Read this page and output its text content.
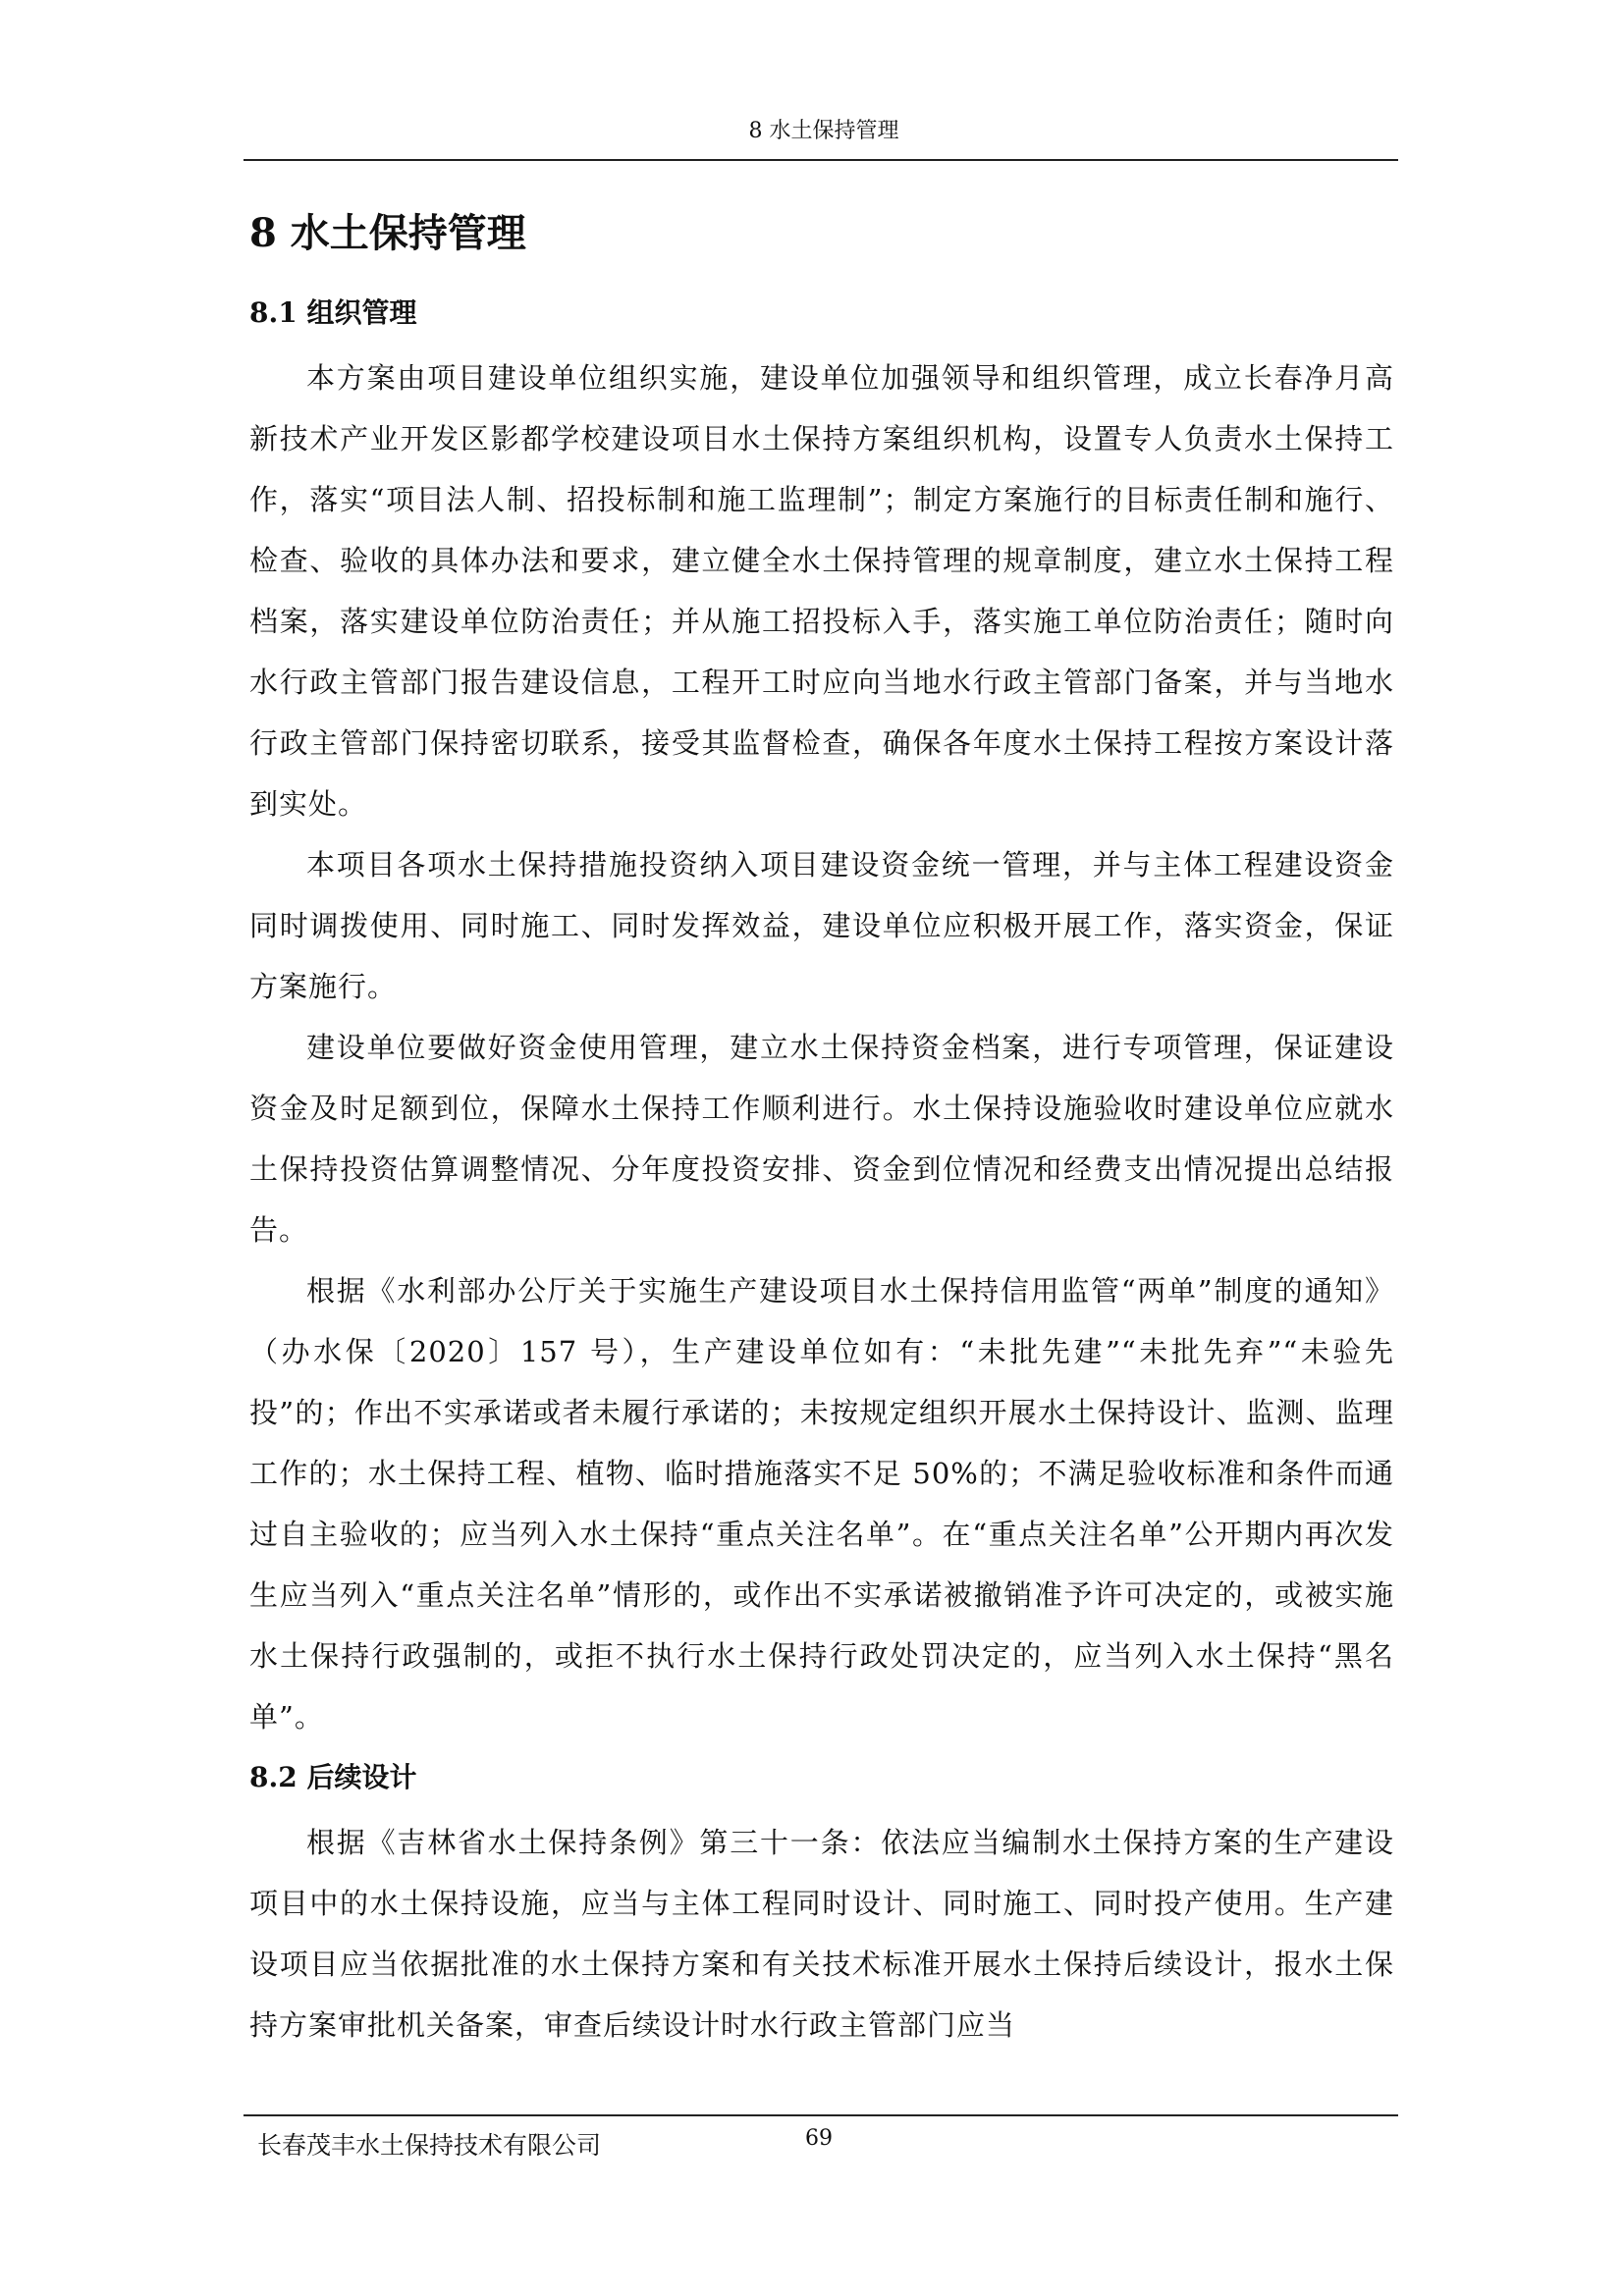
8 水土保持管理
8 水土保持管理
8.1 组织管理

本方案由项目建设单位组织实施，建设单位加强领导和组织管理，成立长春净月高新技术产业开发区影都学校建设项目水土保持方案组织机构，设置专人负责水土保持工作，落实“项目法人制、招投标制和施工监理制”；制定方案施行的目标责任制和施行、检查、验收的具体办法和要求，建立健全水土保持管理的规章制度，建立水土保持工程档案，落实建设单位防治责任；并从施工招投标入手，落实施工单位防治责任；随时向水行政主管部门报告建设信息，工程开工时应向当地水行政主管部门备案，并与当地水行政主管部门保持密切联系，接受其监督检查，确保各年度水土保持工程按方案设计落到实处。

本项目各项水土保持措施投资纳入项目建设资金统一管理，并与主体工程建设资金同时调拨使用、同时施工、同时发挥效益，建设单位应积极开展工作，落实资金，保证方案施行。

建设单位要做好资金使用管理，建立水土保持资金档案，进行专项管理，保证建设资金及时足额到位，保障水土保持工作顺利进行。水土保持设施验收时建设单位应就水土保持投资估算调整情况、分年度投资安排、资金到位情况和经费支出情况提出总结报告。

根据《水利部办公厅关于实施生产建设项目水土保持信用监管“两单”制度的通知》（办水保〔2020〕157 号），生产建设单位如有：“未批先建”“未批先弃”“未验先投”的；作出不实承诺或者未履行承诺的；未按规定组织开展水土保持设计、监测、监理工作的；水土保持工程、植物、临时措施落实不足 50%的；不满足验收标准和条件而通过自主验收的；应当列入水土保持“重点关注名单”。在“重点关注名单”公开期内再次发生应当列入“重点关注名单”情形的，或作出不实承诺被撤销准予许可决定的，或被实施水土保持行政强制的，或拒不执行水土保持行政处罚决定的，应当列入水土保持“黑名单”。

8.2 后续设计

根据《吉林省水土保持条例》第三十一条：依法应当编制水土保持方案的生产建设项目中的水土保持设施，应当与主体工程同时设计、同时施工、同时投产使用。生产建设项目应当依据批准的水土保持方案和有关技术标准开展水土保持后续设计，报水土保持方案审批机关备案，审查后续设计时水行政主管部门应当

长春茂丰水土保持技术有限公司	69
